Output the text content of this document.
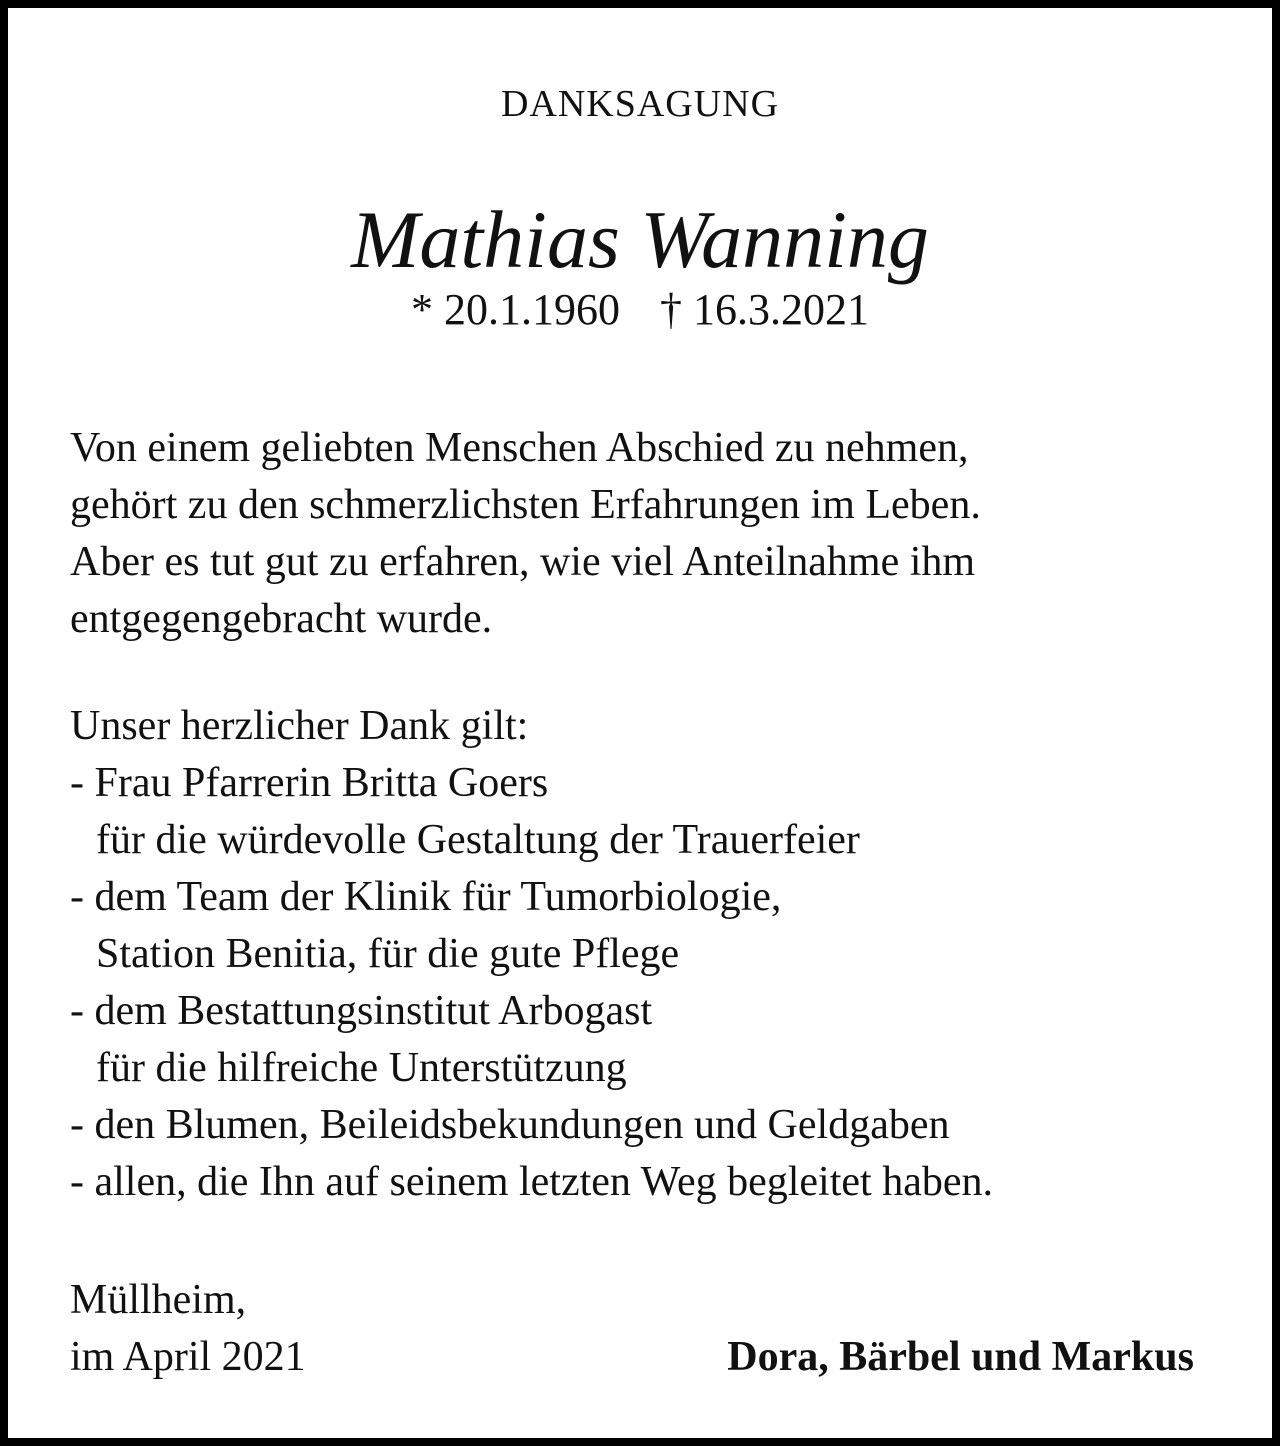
DANKSAGUNG
Mathias Wanning
* 20.1.1960 † 16.3.2021
Von einem geliebten Menschen Abschied zu nehmen,
gehört zu den schmerzlichsten Erfahrungen im Leben.
Aber es tut gut zu erfahren, wie viel Anteilnahme ihm
entgegengebracht wurde.
Unser herzlicher Dank gilt:
- Frau Pfarrerin Britta Goers
für die würdevolle Gestaltung der Trauerfeier
- dem Team der Klinik für Tumorbiologie,
Station Benitia, für die gute Pflege
- dem Bestattungsinstitut Arbogast
für die hilfreiche Unterstützung
- den Blumen, Beileidsbekundungen und Geldgaben
- allen, die Ihn auf seinem letzten Weg begleitet haben.
Müllheim,
im April 2021	Dora, Bärbel und Markus
